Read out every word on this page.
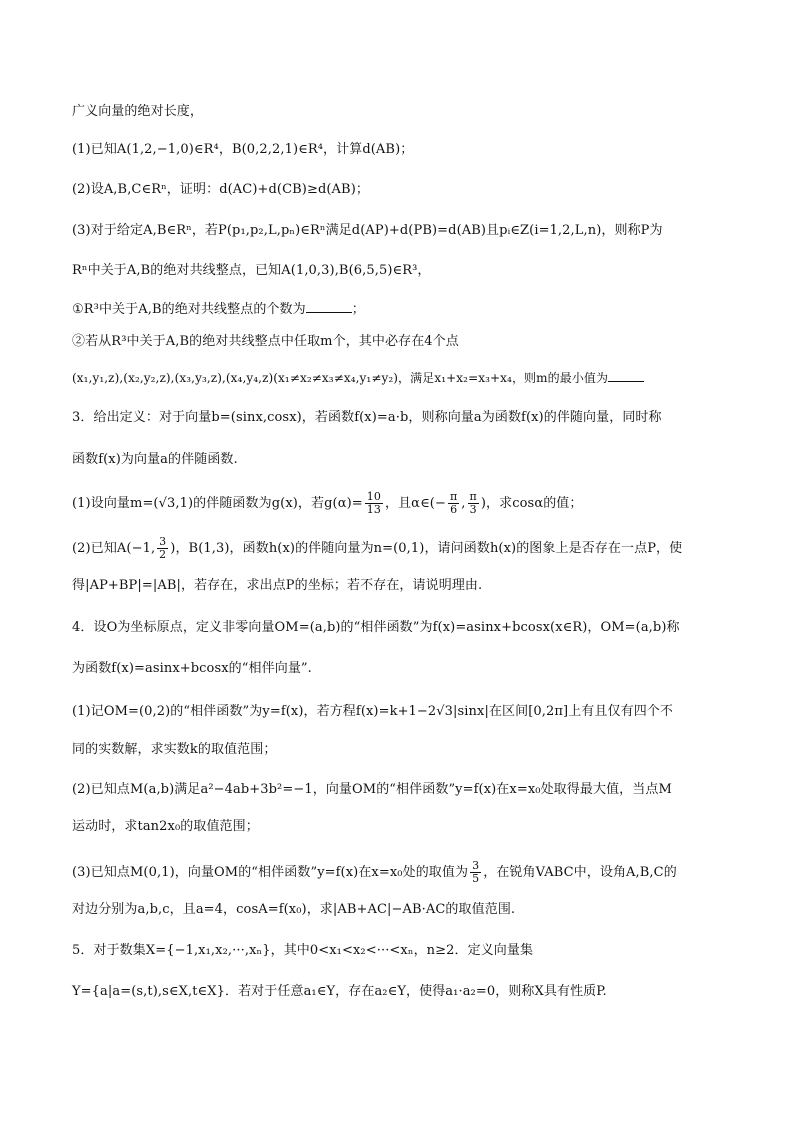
广义向量的绝对长度，
(1)已知A(1,2,−1,0)∈R⁴，B(0,2,2,1)∈R⁴，计算d(AB)；
(2)设A,B,C∈Rⁿ，证明：d(AC)+d(CB)≥d(AB)；
(3)对于给定A,B∈Rⁿ，若P(p₁,p₂,L,pₙ)∈Rⁿ满足d(AP)+d(PB)=d(AB)且pᵢ∈Z(i=1,2,L,n)，则称P为
Rⁿ中关于A,B的绝对共线整点，已知A(1,0,3),B(6,5,5)∈R³，
①R³中关于A,B的绝对共线整点的个数为	；
②若从R³中关于A,B的绝对共线整点中任取m个，其中必存在4个点
(x₁,y₁,z),(x₂,y₂,z),(x₃,y₃,z),(x₄,y₄,z)(x₁≠x₂≠x₃≠x₄,y₁≠y₂)，满足x₁+x₂=x₃+x₄，则m的最小值为
3．给出定义：对于向量b=(sinx,cosx)，若函数f(x)=a·b，则称向量a为函数f(x)的伴随向量，同时称
函数f(x)为向量a的伴随函数.
(1)设向量m=(√3,1)的伴随函数为g(x)，若$g(\alpha)= \frac{10}{13}$ ，且α∈(− $\frac{\pi}{6}$ , $\frac{\pi}{3}$ )，求cosα的值；
(2)已知A(−1, $\frac{3}{2}$ )，B(1,3)，函数h(x)的伴随向量为n=(0,1)，请问函数h(x)的图象上是否存在一点P，使
得|AP+BP|=|AB|，若存在，求出点P的坐标；若不存在，请说明理由.
4．设O为坐标原点，定义非零向量OM=(a,b)的“相伴函数”为f(x)=asinx+bcosx(x∈R)，OM=(a,b)称
为函数f(x)=asinx+bcosx的“相伴向量”.
(1)记OM=(0,2)的“相伴函数”为y=f(x)，若方程f(x)=k+1−2√3|sinx|在区间[0,2π]上有且仅有四个不
同的实数解，求实数k的取值范围；
(2)已知点M(a,b)满足a²−4ab+3b²=−1，向量OM的“相伴函数”y=f(x)在x=x₀处取得最大值，当点M
运动时，求tan2x₀的取值范围；
(3)已知点M(0,1)，向量OM的“相伴函数”y=f(x)在x=x₀处的取值为 $\frac{3}{5}$ ，在锐角VABC中，设角A,B,C的
对边分别为a,b,c，且a=4，cosA=f(x₀)，求|AB+AC|−AB·AC的取值范围.
5．对于数集X={−1,x₁,x₂,···,xₙ}，其中0<x₁<x₂<···<xₙ，n≥2．定义向量集
Y={a|a=(s,t),s∈X,t∈X}．若对于任意a₁∈Y，存在a₂∈Y，使得a₁·a₂=0，则称X具有性质P.
